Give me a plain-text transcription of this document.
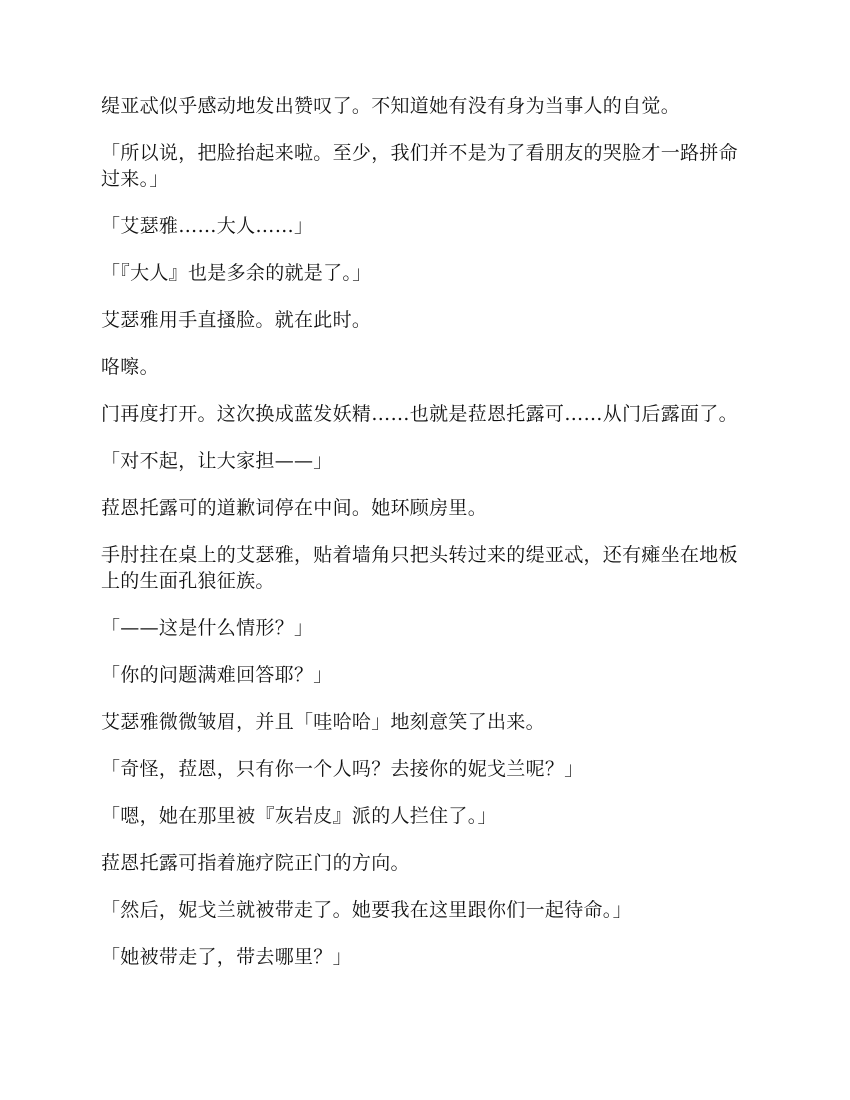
缇亚忒似乎感动地发出赞叹了。不知道她有没有身为当事人的自觉。

「所以说，把脸抬起来啦。至少，我们并不是为了看朋友的哭脸才一路拼命过来。」

「艾瑟雅……大人……」

「『大人』也是多余的就是了。」

艾瑟雅用手直搔脸。就在此时。

咯嚓。

门再度打开。这次换成蓝发妖精……也就是菈恩托露可……从门后露面了。

「对不起，让大家担——」

菈恩托露可的道歉词停在中间。她环顾房里。

手肘拄在桌上的艾瑟雅，贴着墙角只把头转过来的缇亚忒，还有瘫坐在地板上的生面孔狼征族。

「——这是什么情形？」

「你的问题满难回答耶？」

艾瑟雅微微皱眉，并且「哇哈哈」地刻意笑了出来。

「奇怪，菈恩，只有你一个人吗？去接你的妮戈兰呢？」

「嗯，她在那里被『灰岩皮』派的人拦住了。」

菈恩托露可指着施疗院正门的方向。

「然后，妮戈兰就被带走了。她要我在这里跟你们一起待命。」

「她被带走了，带去哪里？」
